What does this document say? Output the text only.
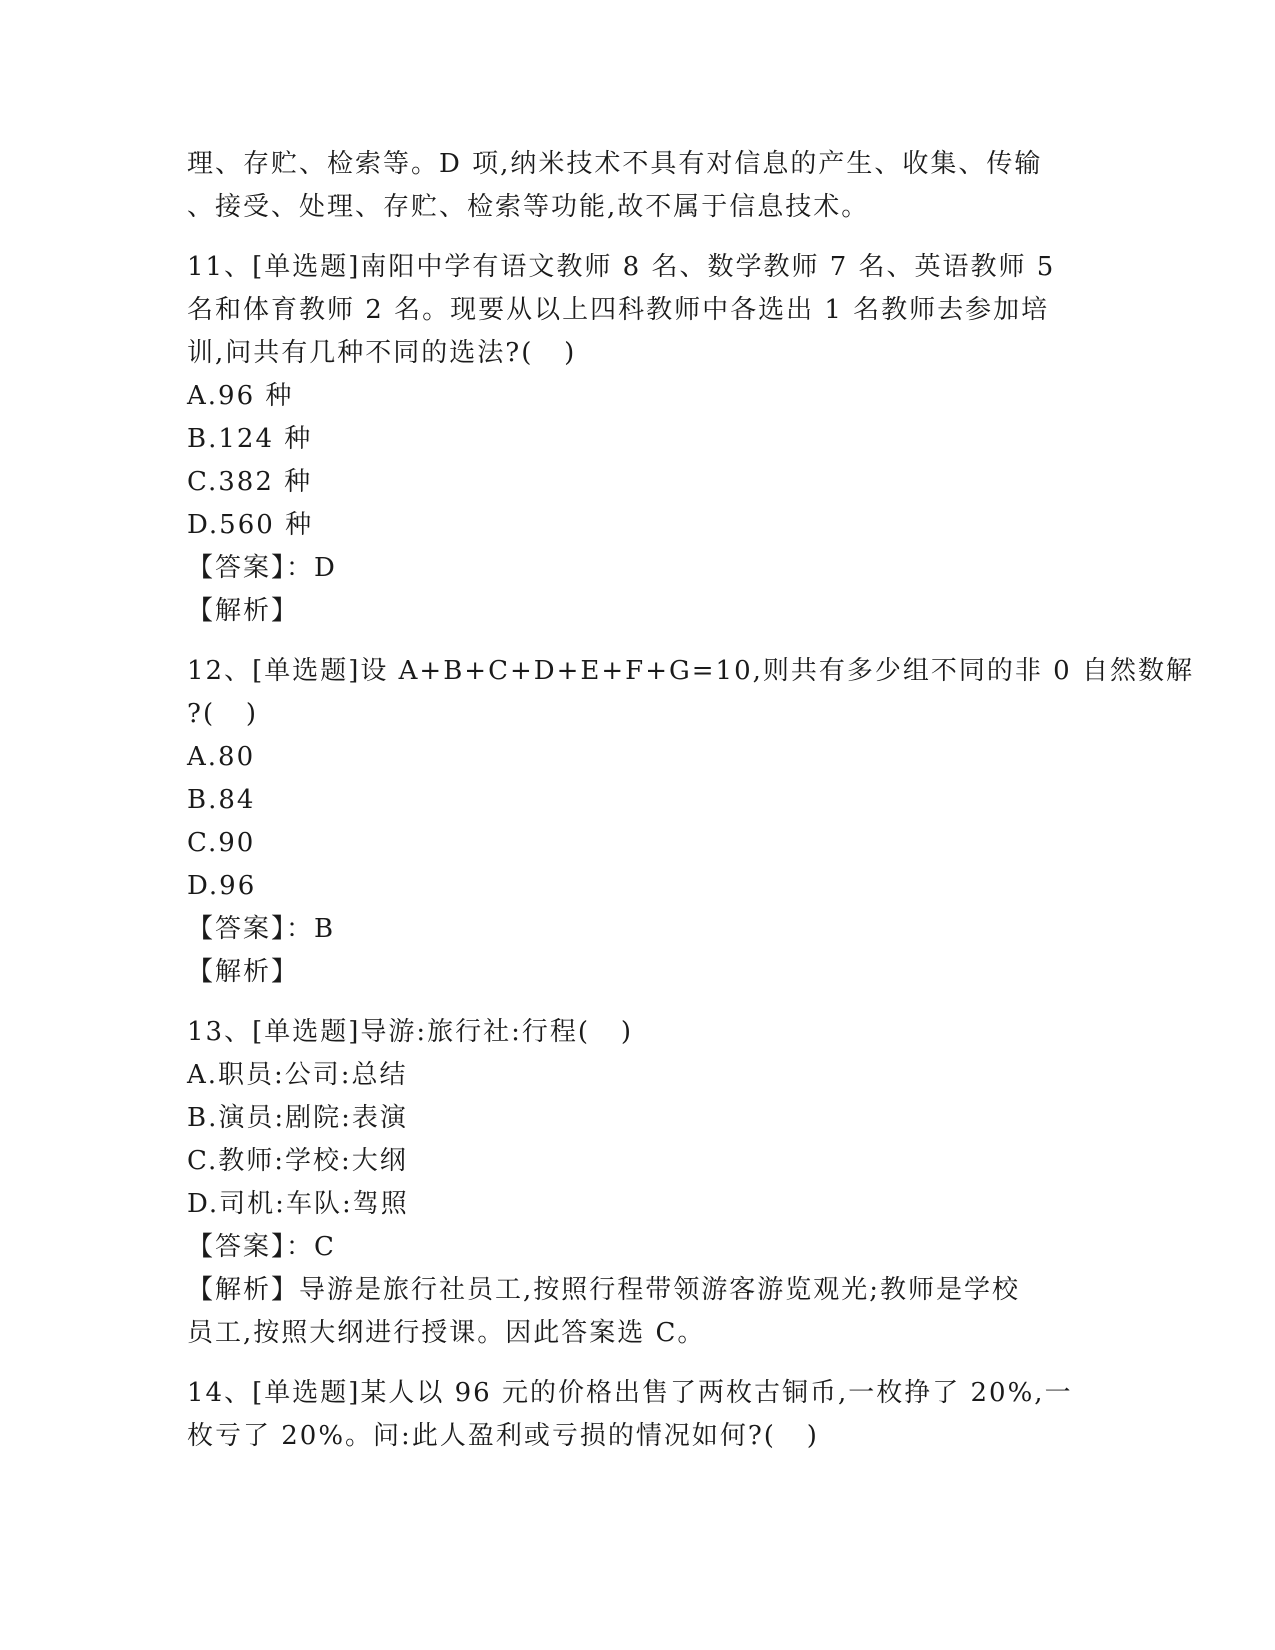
理、存贮、检索等。D 项,纳米技术不具有对信息的产生、收集、传输
、接受、处理、存贮、检索等功能,故不属于信息技术。
11、[单选题]南阳中学有语文教师 8 名、数学教师 7 名、英语教师 5
名和体育教师 2 名。现要从以上四科教师中各选出 1 名教师去参加培
训,问共有几种不同的选法?(   )
A.96 种
B.124 种
C.382 种
D.560 种
【答案】：D
【解析】
12、[单选题]设 A+B+C+D+E+F+G=10,则共有多少组不同的非 0 自然数解
?(   )
A.80
B.84
C.90
D.96
【答案】：B
【解析】
13、[单选题]导游:旅行社:行程(   )
A.职员:公司:总结
B.演员:剧院:表演
C.教师:学校:大纲
D.司机:车队:驾照
【答案】：C
【解析】导游是旅行社员工,按照行程带领游客游览观光;教师是学校
员工,按照大纲进行授课。因此答案选 C。
14、[单选题]某人以 96 元的价格出售了两枚古铜币,一枚挣了 20%,一
枚亏了 20%。问:此人盈利或亏损的情况如何?(   )
